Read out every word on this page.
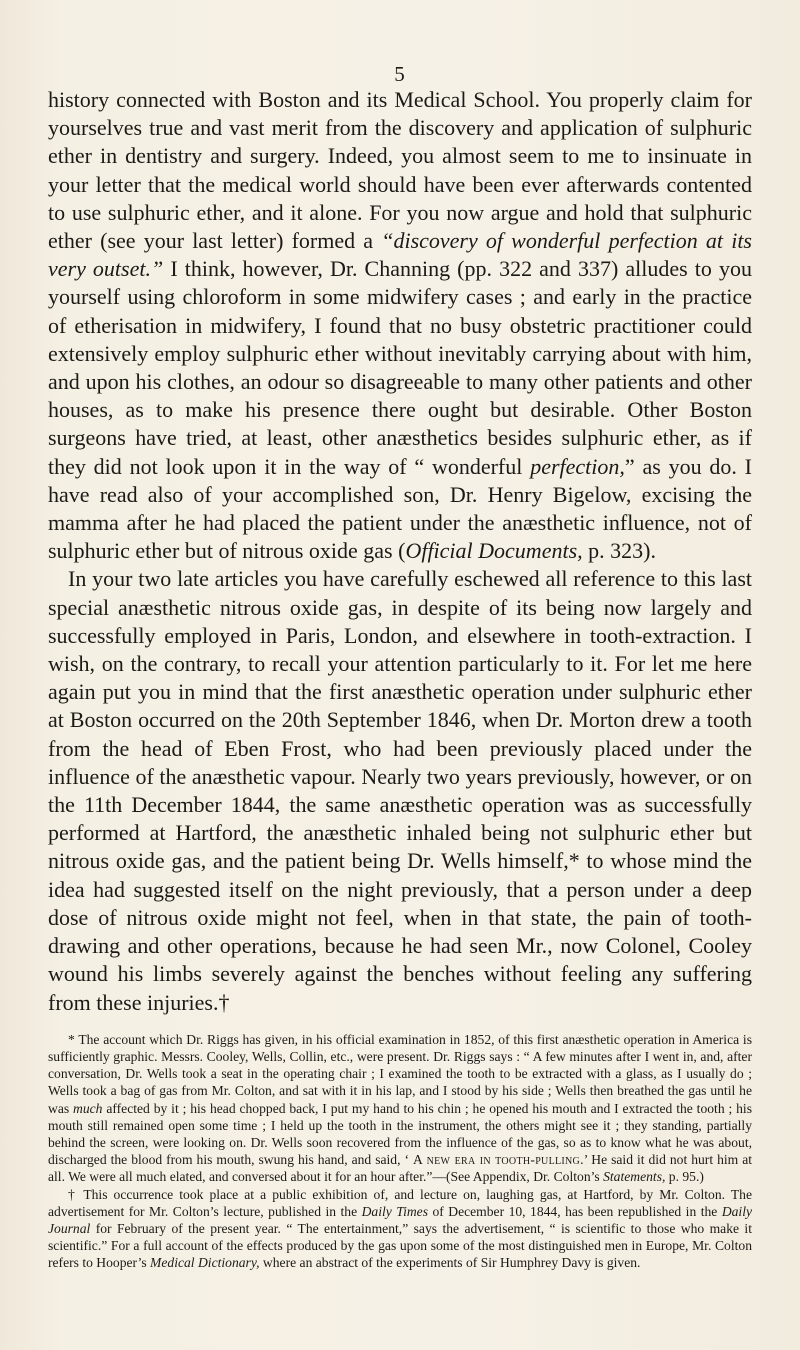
5

history connected with Boston and its Medical School. You properly claim for yourselves true and vast merit from the discovery and application of sulphuric ether in dentistry and surgery. Indeed, you almost seem to me to insinuate in your letter that the medical world should have been ever afterwards contented to use sulphuric ether, and it alone. For you now argue and hold that sulphuric ether (see your last letter) formed a “discovery of wonderful perfection at its very outset.” I think, however, Dr. Channing (pp. 322 and 337) alludes to you yourself using chloroform in some midwifery cases ; and early in the practice of etherisation in midwifery, I found that no busy obstetric practitioner could extensively employ sulphuric ether without inevitably carrying about with him, and upon his clothes, an odour so disagreeable to many other patients and other houses, as to make his presence there ought but desirable. Other Boston surgeons have tried, at least, other anæsthetics besides sulphuric ether, as if they did not look upon it in the way of “ wonderful perfection,” as you do. I have read also of your accomplished son, Dr. Henry Bigelow, excising the mamma after he had placed the patient under the anæsthetic influence, not of sulphuric ether but of nitrous oxide gas (Official Documents, p. 323).

In your two late articles you have carefully eschewed all reference to this last special anæsthetic nitrous oxide gas, in despite of its being now largely and successfully employed in Paris, London, and elsewhere in tooth-extraction. I wish, on the contrary, to recall your attention particularly to it. For let me here again put you in mind that the first anæsthetic operation under sulphuric ether at Boston occurred on the 20th September 1846, when Dr. Morton drew a tooth from the head of Eben Frost, who had been previously placed under the influence of the anæsthetic vapour. Nearly two years previously, however, or on the 11th December 1844, the same anæsthetic operation was as successfully performed at Hartford, the anæsthetic inhaled being not sulphuric ether but nitrous oxide gas, and the patient being Dr. Wells himself,* to whose mind the idea had suggested itself on the night previously, that a person under a deep dose of nitrous oxide might not feel, when in that state, the pain of tooth-drawing and other operations, because he had seen Mr., now Colonel, Cooley wound his limbs severely against the benches without feeling any suffering from these injuries.†

* The account which Dr. Riggs has given, in his official examination in 1852, of this first anæsthetic operation in America is sufficiently graphic. Messrs. Cooley, Wells, Collin, etc., were present. Dr. Riggs says : “ A few minutes after I went in, and, after conversation, Dr. Wells took a seat in the operating chair ; I examined the tooth to be extracted with a glass, as I usually do ; Wells took a bag of gas from Mr. Colton, and sat with it in his lap, and I stood by his side ; Wells then breathed the gas until he was much affected by it ; his head chopped back, I put my hand to his chin ; he opened his mouth and I extracted the tooth ; his mouth still remained open some time ; I held up the tooth in the instrument, the others might see it ; they standing, partially behind the screen, were looking on. Dr. Wells soon recovered from the influence of the gas, so as to know what he was about, discharged the blood from his mouth, swung his hand, and said, ‘ A new era in tooth-pulling.’ He said it did not hurt him at all. We were all much elated, and conversed about it for an hour after.”—(See Appendix, Dr. Colton’s Statements, p. 95.)

† This occurrence took place at a public exhibition of, and lecture on, laughing gas, at Hartford, by Mr. Colton. The advertisement for Mr. Colton’s lecture, published in the Daily Times of December 10, 1844, has been republished in the Daily Journal for February of the present year. “ The entertainment,” says the advertisement, “ is scientific to those who make it scientific.” For a full account of the effects produced by the gas upon some of the most distinguished men in Europe, Mr. Colton refers to Hooper’s Medical Dictionary, where an abstract of the experiments of Sir Humphrey Davy is given.
